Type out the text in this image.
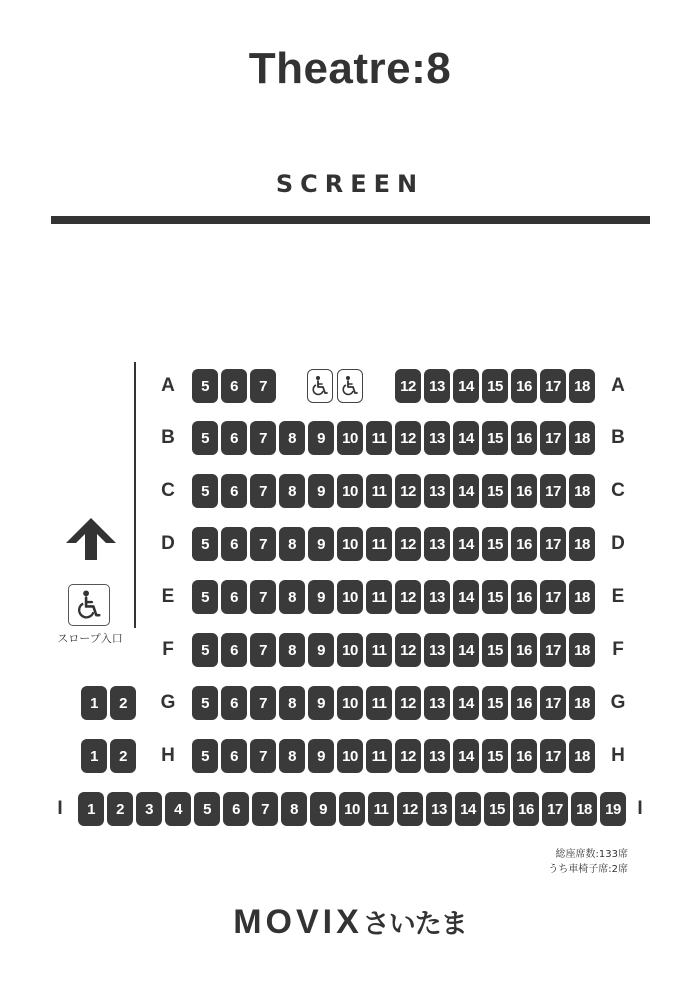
Theatre:8
SCREEN
A	A
5	6	7	12 13 14 15 16 17 18
B	B
5	6	7	8	9	10 11 12 13 14 15 16 17 18
C	C
5	6	7	8	9	10 11 12 13 14 15 16 17 18
D	D
5	6	7	8	9	10 11 12 13 14 15 16 17 18
E	E
5	6	7	8	9	10 11 12 13 14 15 16 17 18
F	F
5	6	7	8	9	10 11 12 13 14 15 16 17 18
G	G
1	2	5	6	7	8	9	10 11 12 13 14 15 16 17 18
H	H
1	2	5	6	7	8	9	10 11 12 13 14 15 16 17 18
I	I
1	2	3	4	5	6	7	8	9	10 11 12 13 14 15 16 17 18 19
スロープ入口
総座席数:133席
うち車椅子席:2席
MOVIXさいたま
